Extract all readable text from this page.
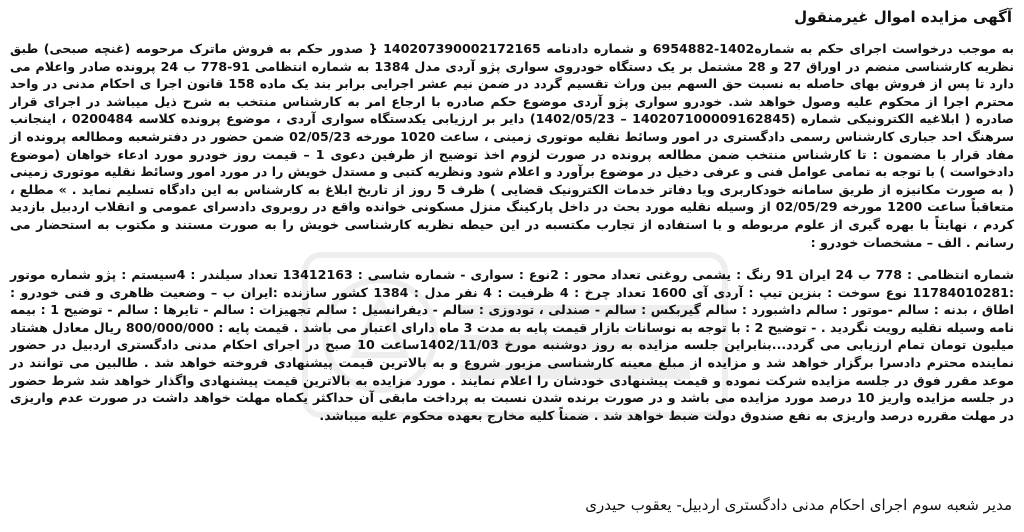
آگهی مزایده اموال غیرمنقول
به موجب درخواست اجرای حکم به شماره1402-6954882 و شماره دادنامه 140207390002172165 { صدور حکم به فروش ماترک مرحومه (غنچه صبحی) طبق نظریه کارشناسی منضم در اوراق 27 و 28 مشتمل بر یک دستگاه خودروی سواری پژو آردی مدل 1384 به شماره انتظامی 91-778 ب 24 پرونده صادر واعلام می دارد تا پس از فروش بهای حاصله به نسبت حق السهم بین وراث تقسیم گردد در ضمن نیم عشر اجرایی برابر بند یک ماده 158 قانون اجرا ی احکام مدنی در واحد محترم اجرا از محکوم علیه وصول خواهد شد. خودرو سواری پژو آردی موضوع حکم صادره با ارجاع امر به کارشناس منتخب به شرح ذیل میباشد در اجرای قرار صادره ( ابلاغیه الکترونیکی شماره (140207100009162845 – 1402/05/23) دایر بر ارزیابی یکدستگاه سواری آردی ، موضوع پرونده کلاسه 0200484 ، اینجانب سرهنگ احد جباری کارشناس رسمی دادگستری در امور وسائط نقلیه موتوری زمینی ، ساعت 1020 مورخه 02/05/23 ضمن حضور در دفترشعبه ومطالعه پرونده از مفاد قرار با مضمون : تا کارشناس منتخب ضمن مطالعه پرونده در صورت لزوم اخذ توضیح از طرفین دعوی 1 – قیمت روز خودرو مورد ادعاء خواهان (موضوع دادخواست ) با توجه به تمامی عوامل فنی و عرفی دخیل در موضوع برآورد و اعلام شود ونظریه کتبی و مستدل خویش را در مورد امور وسائط نقلیه موتوری زمینی ( به صورت مکانیزه از طریق سامانه خودکاربری ویا دفاتر خدمات الکترونیک قضایی ) ظرف 5 روز از تاریخ ابلاغ به کارشناس به این دادگاه تسلیم نماید . » مطلع ، متعاقباً ساعت 1200 مورخه 02/05/29 از وسیله نقلیه مورد بحث در داخل پارکینگ منزل مسکونی خوانده واقع در روبروی دادسرای عمومی و انقلاب اردبیل بازدید کردم ، نهایتاً با بهره گیری از علوم مربوطه و با استفاده از تجارب مکتسبه در این حیطه نظریه کارشناسی خویش را به صورت مستند و مکتوب به استحضار می رسانم . الف – مشخصات خودرو :
شماره انتظامی : 778 ب 24 ایران 91 رنگ : یشمی روغنی تعداد محور : 2نوع : سواری - شماره شاسی : 13412163 تعداد سیلندر : 4سیستم : پژو شماره موتور :11784010281 نوع سوخت : بنزین تیپ : آردی آی 1600 تعداد چرخ : 4 ظرفیت : 4 نفر مدل : 1384 کشور سازنده :ایران ب – وضعیت ظاهری و فنی خودرو : اطاق ، بدنه : سالم -موتور : سالم داشبورد : سالم گیربکس : سالم - صندلی ، تودوزی : سالم - دیفرانسیل : سالم تجهیزات : سالم - تایرها : سالم - توضیح 1 : بیمه نامه وسیله نقلیه رویت نگردید . - توضیح 2 : با توجه به نوسانات بازار قیمت پایه به مدت 3 ماه دارای اعتبار می باشد . قیمت پایه : 800/000/000 ریال معادل هشتاد میلیون تومان تمام ارزیابی می گردد...بنابراین جلسه مزایده به روز دوشنبه مورخ 1402/11/03ساعت 10 صبح در اجرای احکام مدنی دادگستری اردبیل در حضور نماینده محترم دادسرا برگزار خواهد شد و مزایده از مبلغ معینه کارشناسی مزبور شروع و به بالاترین قیمت پیشنهادی فروخته خواهد شد . طالبین می توانند در موعد مقرر فوق در جلسه مزایده شرکت نموده و قیمت پیشنهادی خودشان را اعلام نمایند . مورد مزایده به بالاترین قیمت پیشنهادی واگذار خواهد شد شرط حضور در جلسه مزایده واریز 10 درصد مورد مزایده می باشد و در صورت برنده شدن نسبت به پرداخت مابقی آن حداکثر یکماه مهلت خواهد داشت در صورت عدم واریزی در مهلت مقرره درصد واریزی به نفع صندوق دولت ضبط خواهد شد . ضمناً کلیه مخارج بعهده محکوم علیه میباشد.
مدیر شعبه سوم اجرای احکام مدنی دادگستری اردبیل- یعقوب حیدری
